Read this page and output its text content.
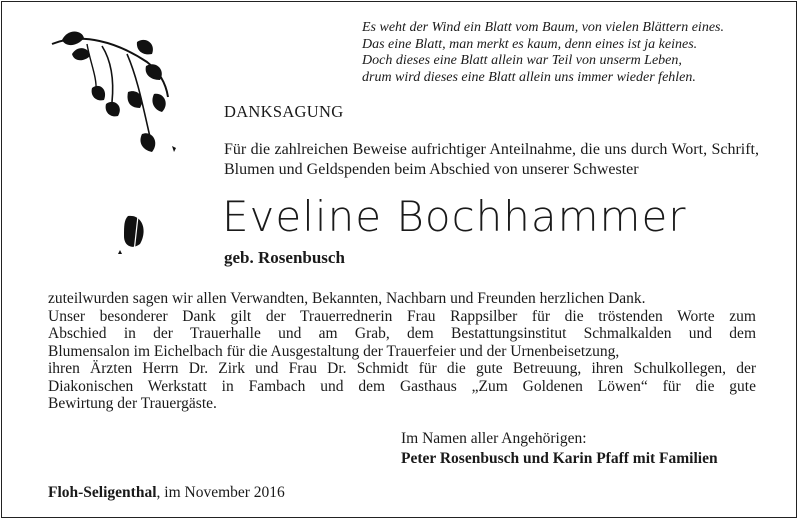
Es weht der Wind ein Blatt vom Baum, von vielen Blättern eines.
Das eine Blatt, man merkt es kaum, denn eines ist ja keines.
Doch dieses eine Blatt allein war Teil von unserm Leben,
drum wird dieses eine Blatt allein uns immer wieder fehlen.
DANKSAGUNG
Für die zahlreichen Beweise aufrichtiger Anteilnahme, die uns durch Wort, Schrift, Blumen und Geldspenden beim Abschied von unserer Schwester
Eveline Bochhammer
geb. Rosenbusch
zuteilwurden sagen wir allen Verwandten, Bekannten, Nachbarn und Freunden herzlichen Dank.
Unser besonderer Dank gilt der Trauerrednerin Frau Rappsilber für die tröstenden Worte zum
Abschied in der Trauerhalle und am Grab, dem Bestattungsinstitut Schmalkalden und dem
Blumensalon im Eichelbach für die Ausgestaltung der Trauerfeier und der Urnenbeisetzung,
ihren Ärzten Herrn Dr. Zirk und Frau Dr. Schmidt für die gute Betreuung, ihren Schulkollegen, der
Diakonischen Werkstatt in Fambach und dem Gasthaus „Zum Goldenen Löwen“ für die gute
Bewirtung der Trauergäste.
Im Namen aller Angehörigen:
Peter Rosenbusch und Karin Pfaff mit Familien
Floh-Seligenthal, im November 2016
